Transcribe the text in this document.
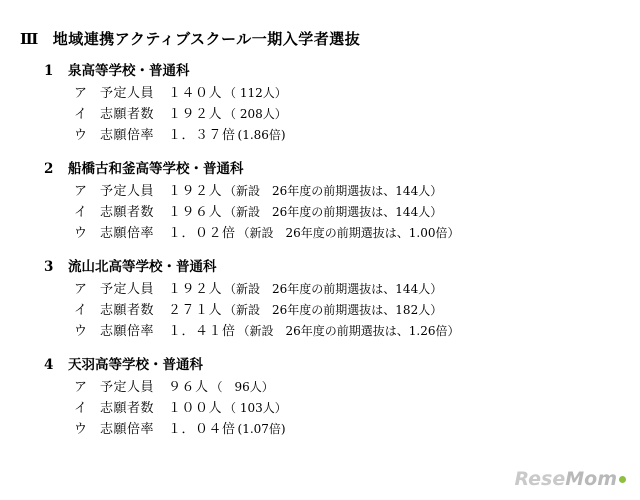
Ⅲ 地域連携アクティブスクール一期入学者選抜
1 泉高等学校・普通科
ア 予定人員 １４０人 （ 112人）
イ 志願者数 １９２人 （ 208人）
ウ 志願倍率 １．３７倍 (1.86倍)
2 船橋古和釜高等学校・普通科
ア 予定人員 １９２人 （新設　26年度の前期選抜は、144人）
イ 志願者数 １９６人 （新設　26年度の前期選抜は、144人）
ウ 志願倍率 １．０２倍 （新設　26年度の前期選抜は、1.00倍）
3 流山北高等学校・普通科
ア 予定人員 １９２人 （新設　26年度の前期選抜は、144人）
イ 志願者数 ２７１人 （新設　26年度の前期選抜は、182人）
ウ 志願倍率 １．４１倍 （新設　26年度の前期選抜は、1.26倍）
4 天羽高等学校・普通科
ア 予定人員 ９６人 （　96人）
イ 志願者数 １００人 （ 103人）
ウ 志願倍率 １．０４倍 (1.07倍)
ReseMom
